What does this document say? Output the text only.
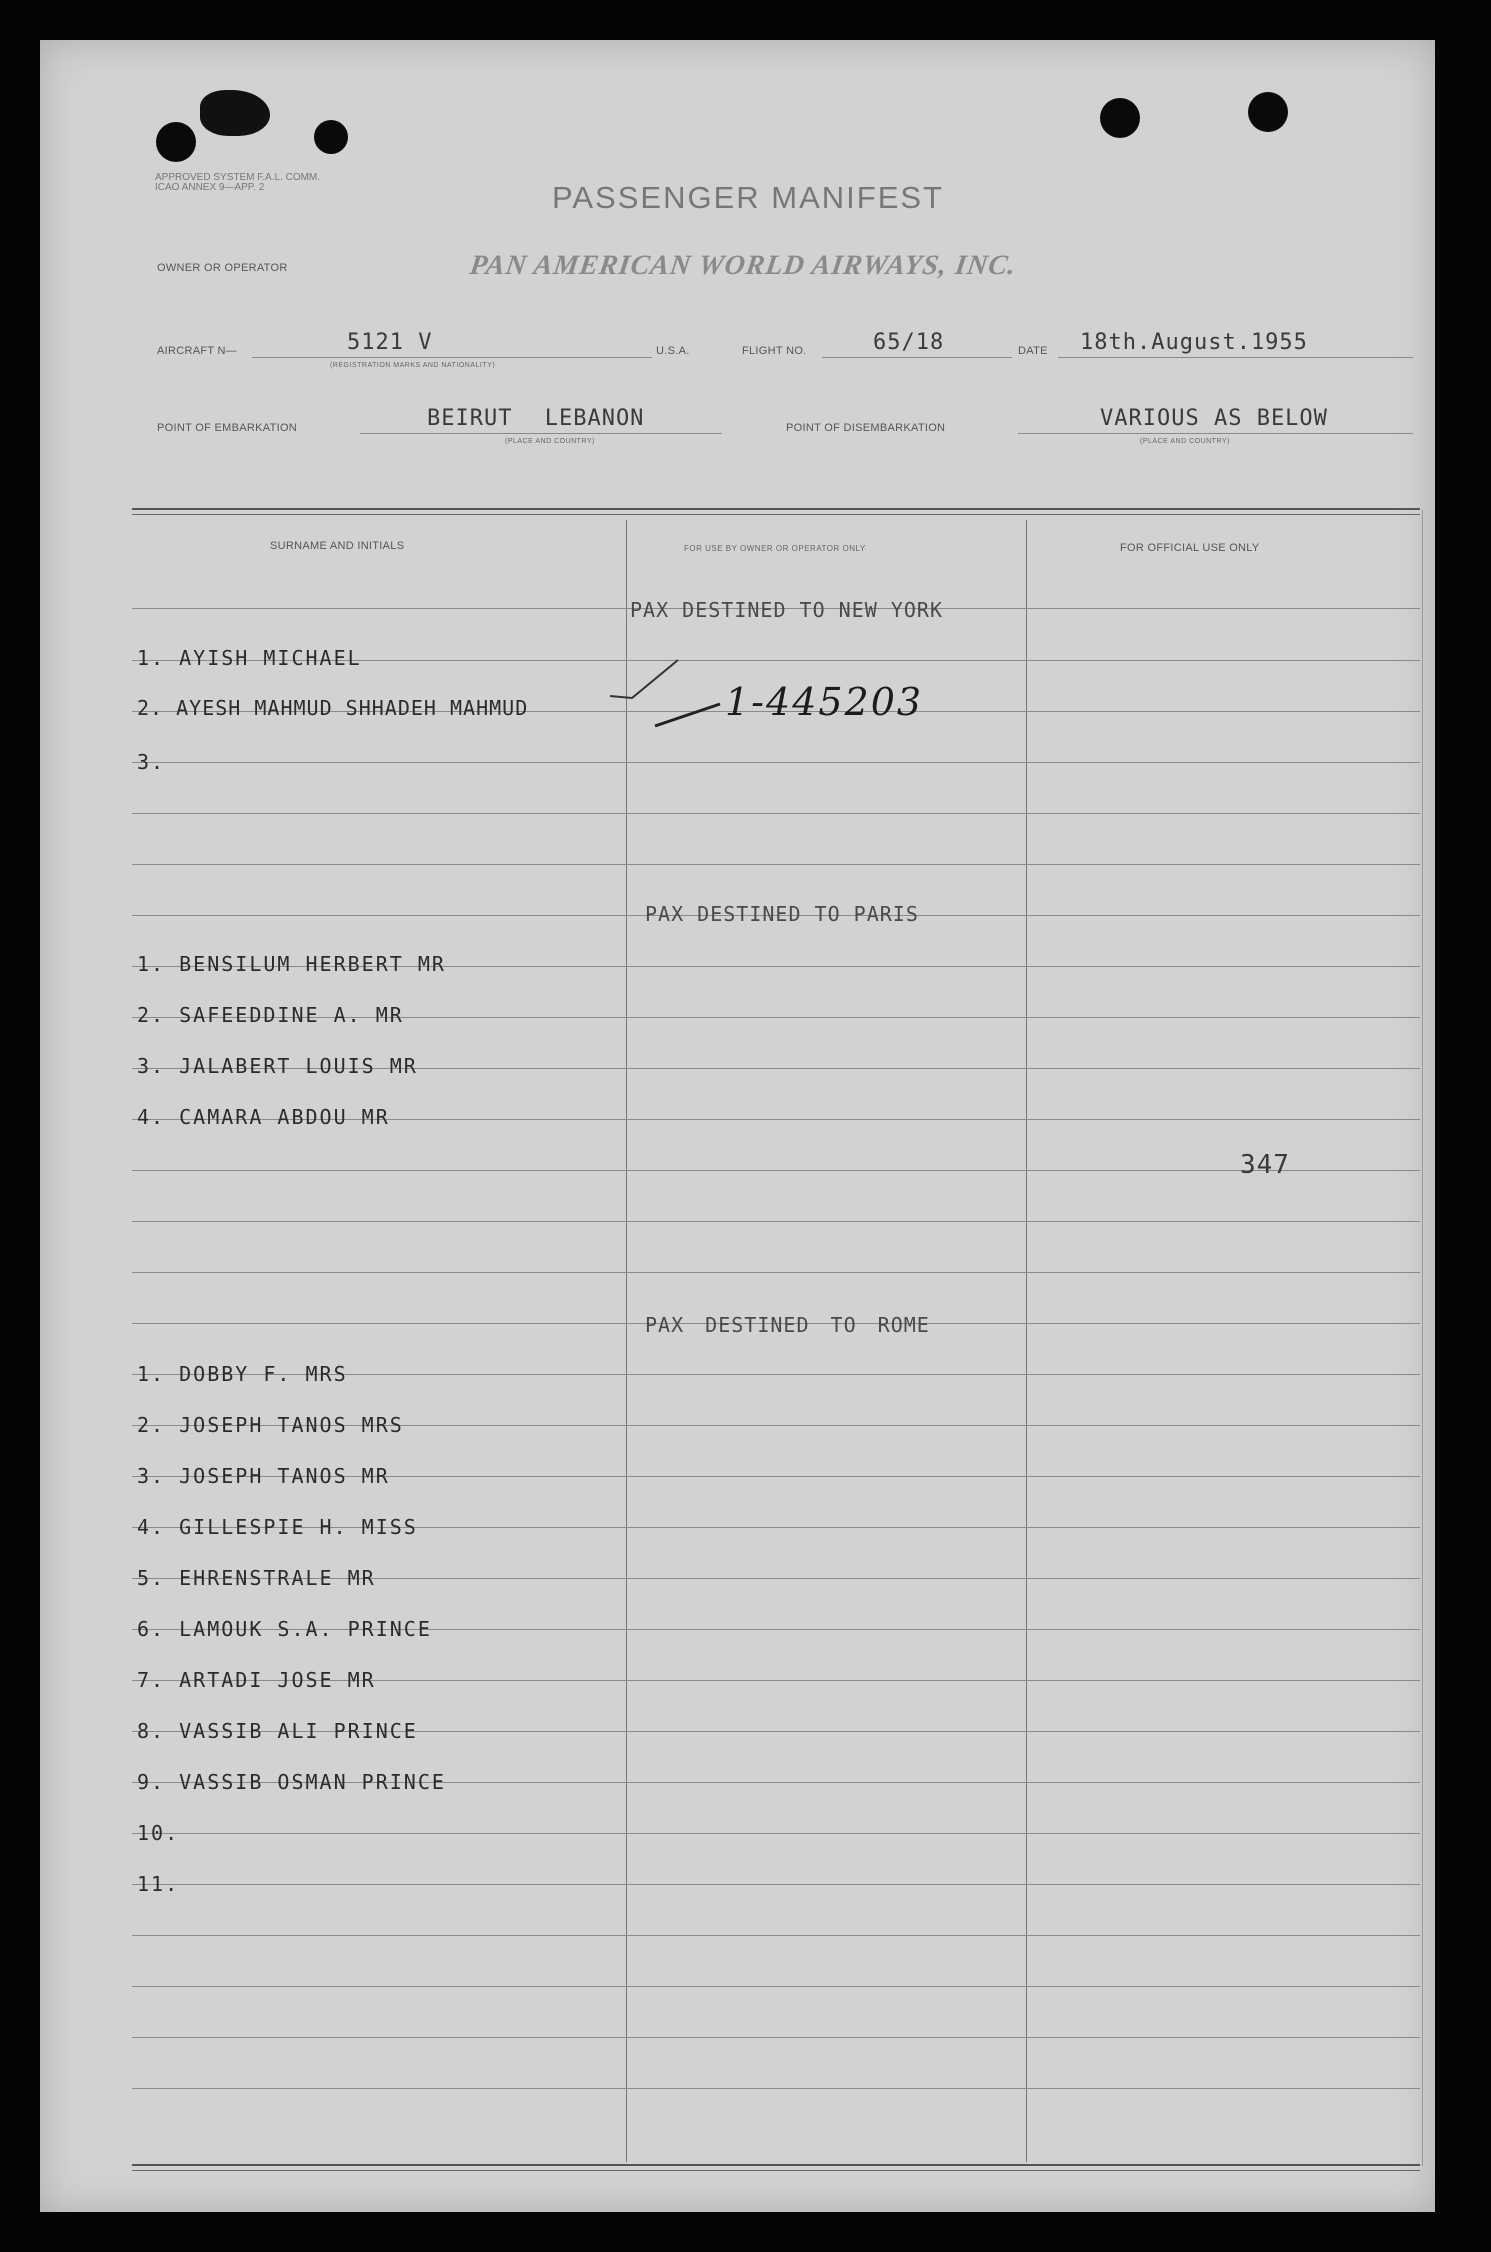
APPROVED SYSTEM F.A.L. COMM. ICAO ANNEX 9—APP. 2	PASSENGER MANIFEST
OWNER OR OPERATOR	PAN AMERICAN WORLD AIRWAYS, INC.
AIRCRAFT N—	5121 V
(REGISTRATION MARKS AND NATIONALITY)
U.S.A.	FLIGHT NO.	65/18	DATE 18th.August.1955
POINT OF EMBARKATION	BEIRUT LEBANON
(PLACE AND COUNTRY)
POINT OF DISEMBARKATION	VARIOUS AS BELOW
(PLACE AND COUNTRY)
SURNAME AND INITIALS	FOR USE BY OWNER OR OPERATOR ONLY	FOR OFFICIAL USE ONLY
PAX DESTINED TO NEW YORK
1. AYISH MICHAEL
2. AYESH MAHMUD SHHADEH MAHMUD
3.
1-445203
PAX DESTINED TO PARIS
1. BENSILUM HERBERT MR
2. SAFEEDDINE A. MR
3. JALABERT LOUIS MR
4. CAMARA ABDOU MR
347
PAX DESTINED TO ROME
1. DOBBY F. MRS
2. JOSEPH TANOS MRS
3. JOSEPH TANOS MR
4. GILLESPIE H. MISS
5. EHRENSTRALE MR
6. LAMOUK S.A. PRINCE
7. ARTADI JOSE MR
8. VASSIB ALI PRINCE
9. VASSIB OSMAN PRINCE
10.
11.
